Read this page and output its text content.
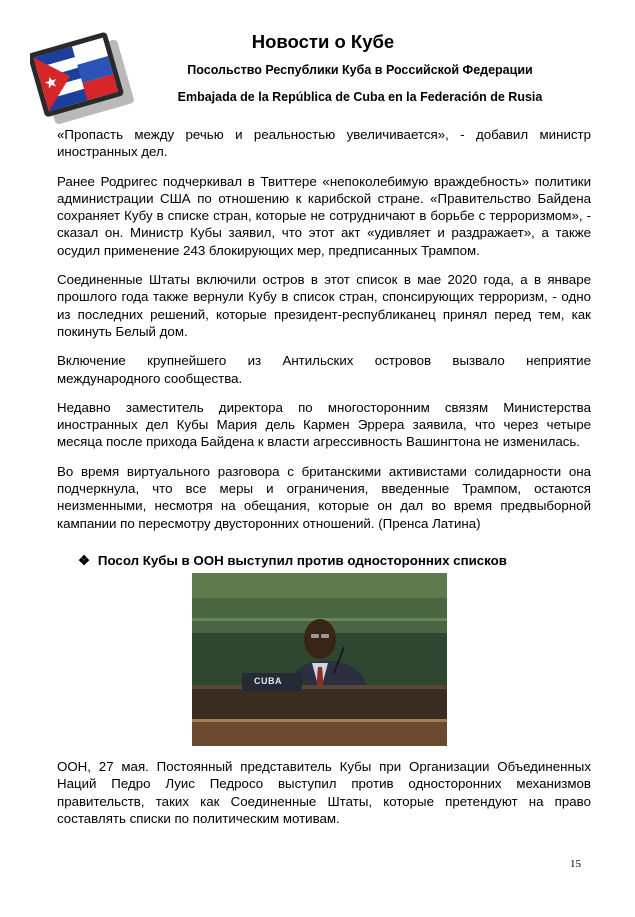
Новости о Кубе
Посольство Республики Куба в Российской Федерации
Embajada de la República de Cuba en la Federación de Rusia

«Пропасть между речью и реальностью увеличивается», - добавил министр иностранных дел.

Ранее Родригес подчеркивал в Твиттере «непоколебимую враждебность» политики администрации США по отношению к карибской стране. «Правительство Байдена сохраняет Кубу в списке стран, которые не сотрудничают в борьбе с терроризмом», - сказал он. Министр Кубы заявил, что этот акт «удивляет и раздражает», а также осудил применение 243 блокирующих мер, предписанных Трампом.

Соединенные Штаты включили остров в этот список в мае 2020 года, а в январе прошлого года также вернули Кубу в список стран, спонсирующих терроризм, - одно из последних решений, которые президент-республиканец принял перед тем, как покинуть Белый дом.

Включение крупнейшего из Антильских островов вызвало неприятие международного сообщества.

Недавно заместитель директора по многосторонним связям Министерства иностранных дел Кубы Мария дель Кармен Эррера заявила, что через четыре месяца после прихода Байдена к власти агрессивность Вашингтона не изменилась.

Во время виртуального разговора с британскими активистами солидарности она подчеркнула, что все меры и ограничения, введенные Трампом, остаются неизменными, несмотря на обещания, которые он дал во время предвыборной кампании по пересмотру двусторонних отношений. (Пренса Латина)

❖ Посол Кубы в ООН выступил против односторонних списков
CUBA

ООН, 27 мая. Постоянный представитель Кубы при Организации Объединенных Наций Педро Луис Педросо выступил против односторонних механизмов правительств, таких как Соединенные Штаты, которые претендуют на право составлять списки по политическим мотивам.

15
